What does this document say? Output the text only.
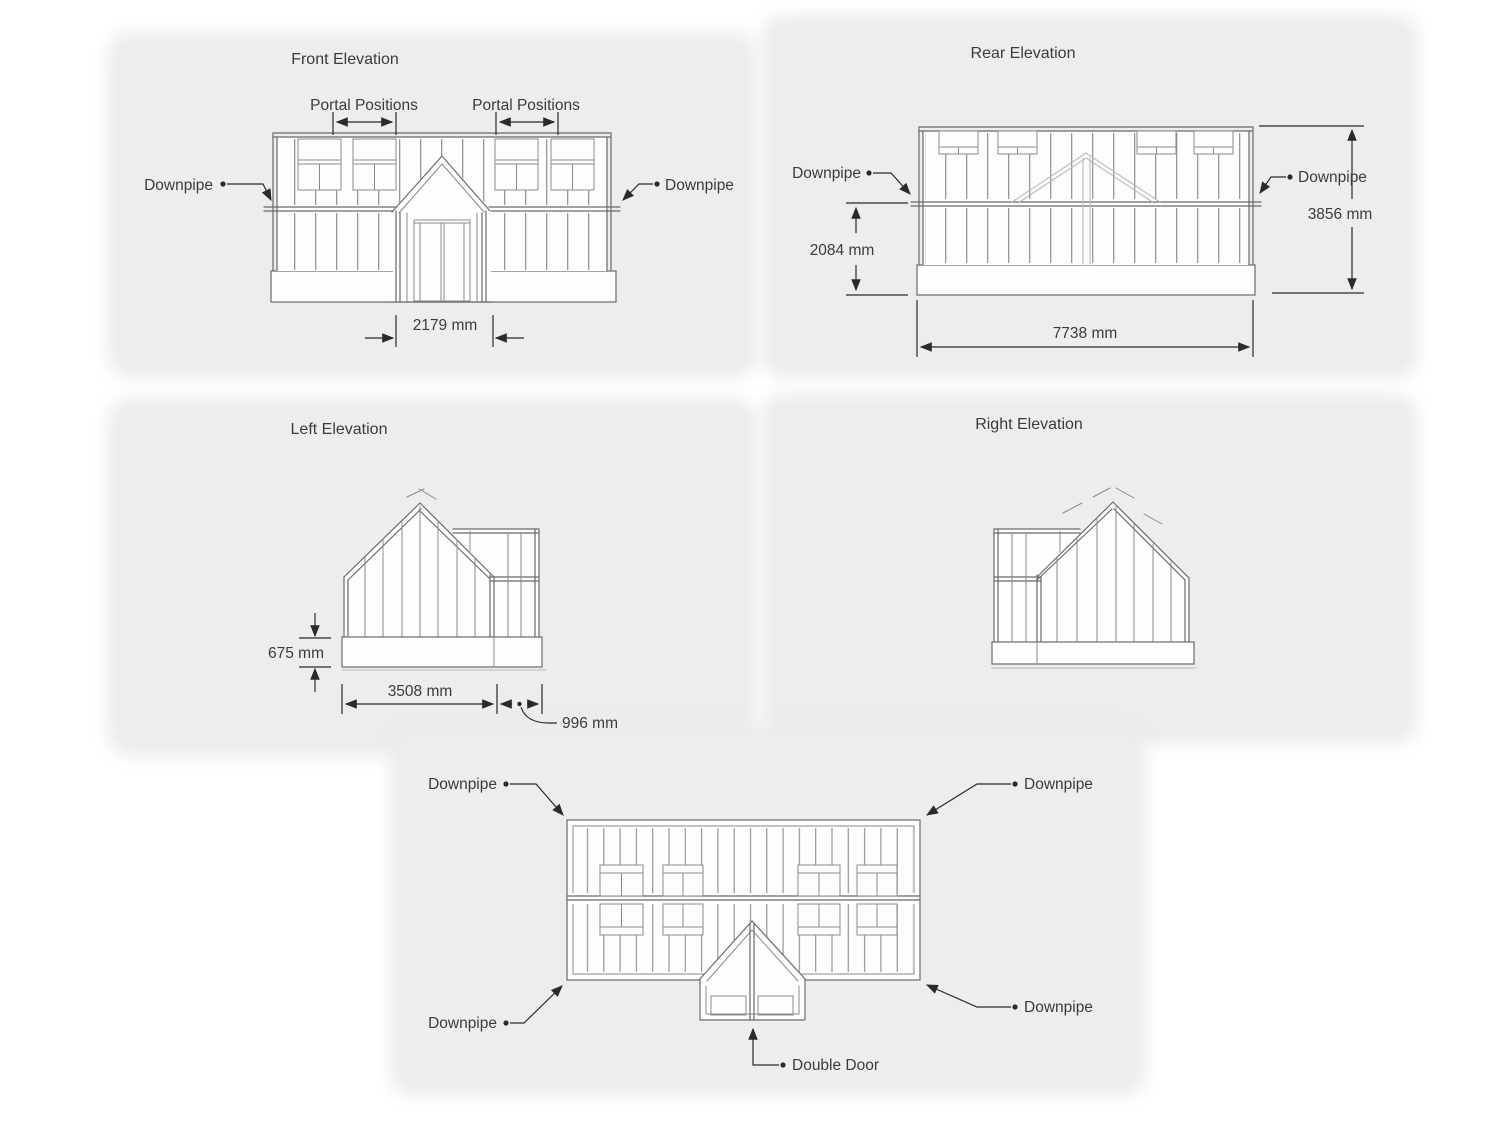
Front Elevation
Portal Positions	Portal Positions
Downpipe	Downpipe
2179 mm
Rear Elevation
Downpipe	Downpipe
2084 mm
3856 mm
7738 mm
Left Elevation
675 mm
3508 mm
996 mm
Right Elevation
Downpipe	Downpipe
Downpipe
Downpipe
Double Door
